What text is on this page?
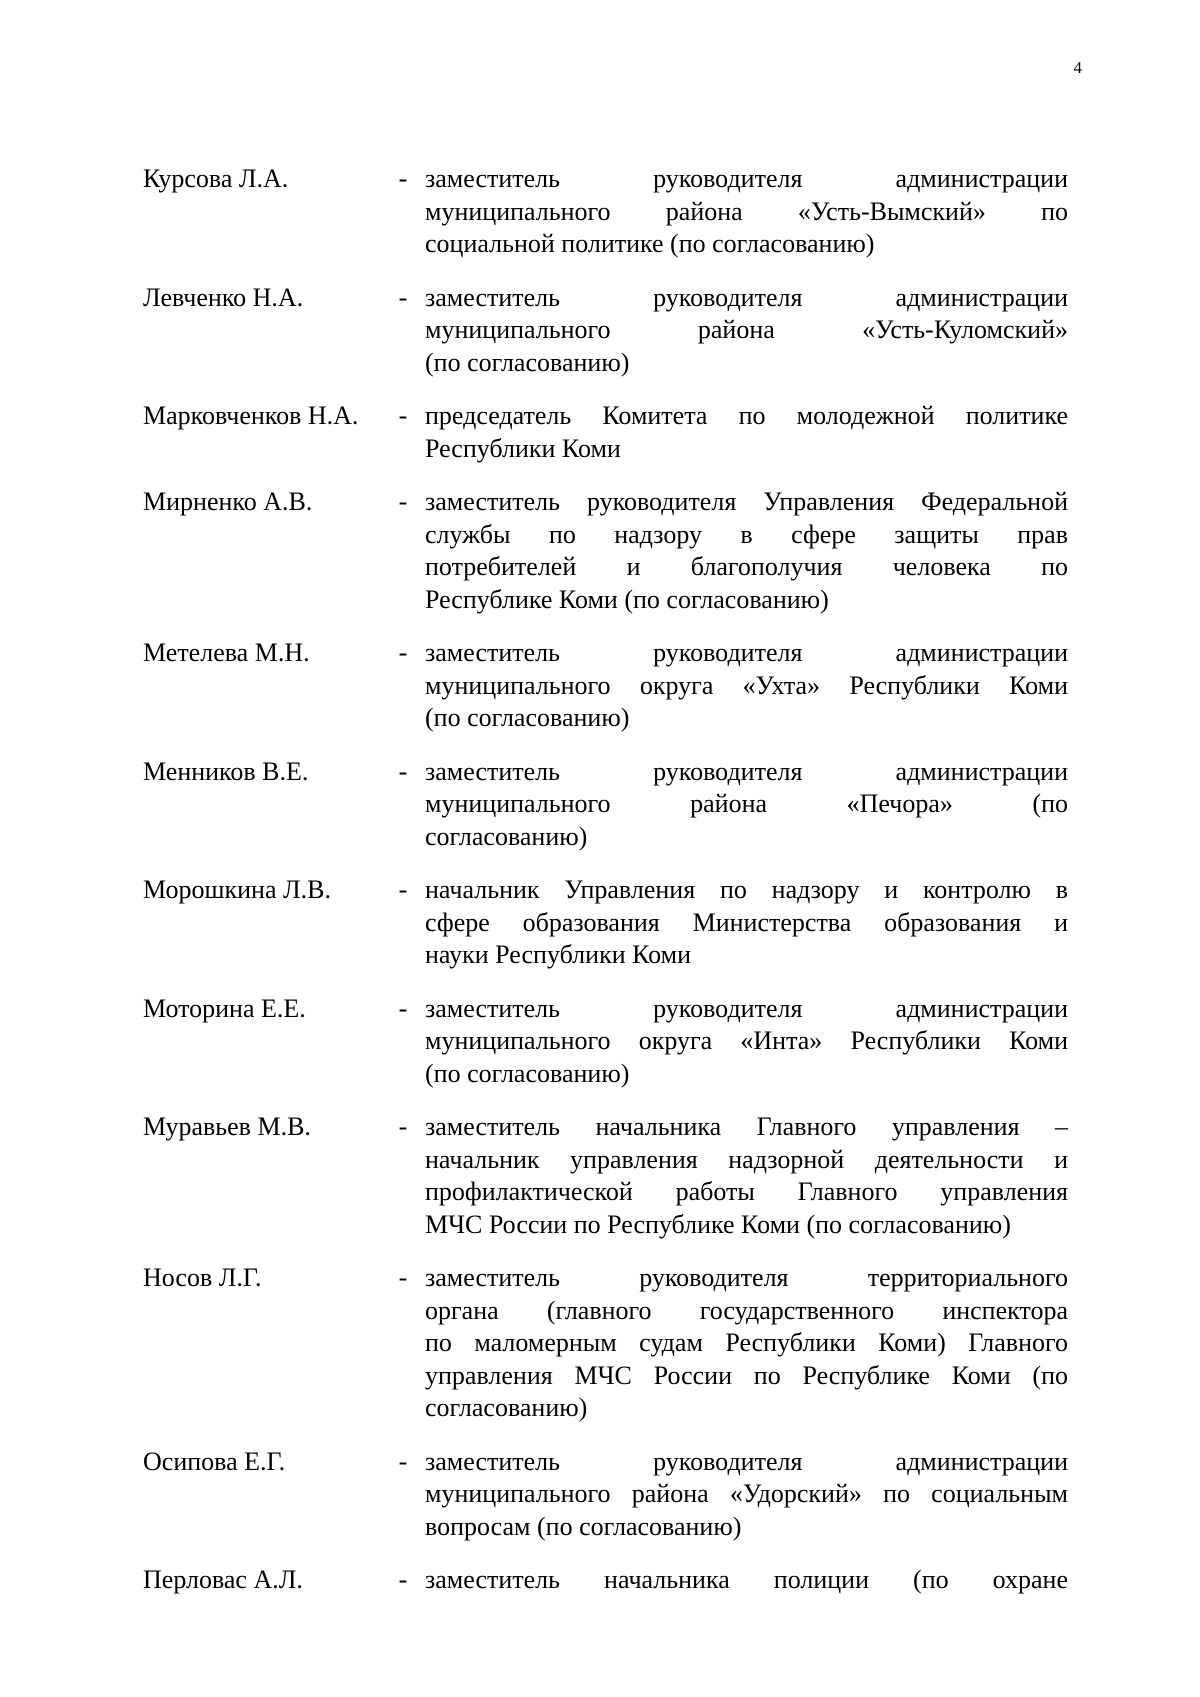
4
Курсова Л.А.	- заместитель руководителя администрации
муниципального района «Усть-Вымский» по
социальной политике (по согласованию)
Левченко Н.А.	- заместитель руководителя администрации
муниципального района «Усть-Куломский»
(по согласованию)
Марковченков Н.А.	- председатель Комитета по молодежной политике
Республики Коми
Мирненко А.В.	- заместитель руководителя Управления Федеральной
службы по надзору в сфере защиты прав
потребителей и благополучия человека по
Республике Коми (по согласованию)
Метелева М.Н.	- заместитель руководителя администрации
муниципального округа «Ухта» Республики Коми
(по согласованию)
Менников В.Е.	- заместитель руководителя администрации
муниципального района «Печора» (по
согласованию)
Морошкина Л.В.	- начальник Управления по надзору и контролю в
сфере образования Министерства образования и
науки Республики Коми
Моторина Е.Е.	- заместитель руководителя администрации
муниципального округа «Инта» Республики Коми
(по согласованию)
Муравьев М.В.	- заместитель начальника Главного управления –
начальник управления надзорной деятельности и
профилактической работы Главного управления
МЧС России по Республике Коми (по согласованию)
Носов Л.Г.	- заместитель руководителя территориального
органа (главного государственного инспектора
по маломерным судам Республики Коми) Главного
управления МЧС России по Республике Коми (по
согласованию)
Осипова Е.Г.	- заместитель руководителя администрации
муниципального района «Удорский» по социальным
вопросам (по согласованию)
Перловас А.Л.	- заместитель начальника полиции (по охране
